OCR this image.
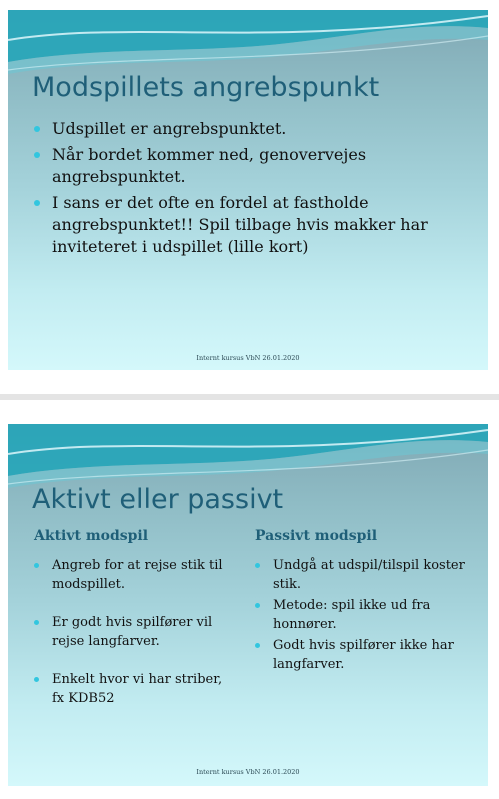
Modspillets angrebspunkt
Udspillet er angrebspunktet.
Når bordet kommer ned, genovervejes angrebspunktet.
I sans er det ofte en fordel at fastholde angrebspunktet!! Spil tilbage hvis makker har inviteteret i udspillet (lille kort)
Internt kursus VbN 26.01.2020
Aktivt eller passivt
Aktivt modspil	Passivt modspil
Angreb for at rejse stik til modspillet.
Er godt hvis spilfører vil rejse langfarver.
Enkelt hvor vi har striber, fx KDB52
Undgå at udspil/tilspil koster stik.
Metode: spil ikke ud fra honnører.
Godt hvis spilfører ikke har langfarver.
Internt kursus VbN 26.01.2020
